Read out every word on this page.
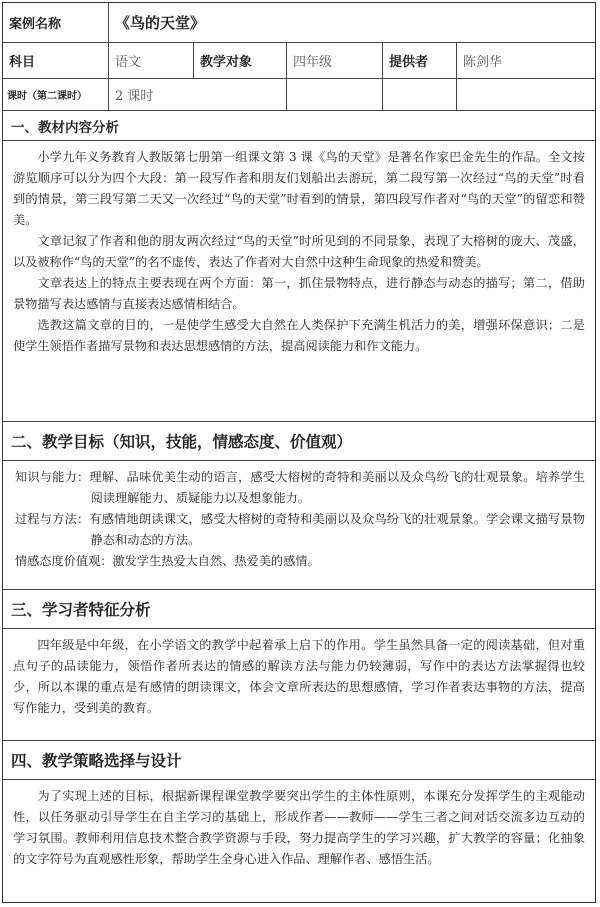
案例名称	《鸟的天堂》
科目	语文	教学对象	四年级	提供者	陈剑华
课时（第二课时）	2 课时
一、教材内容分析

小学九年义务教育人教版第七册第一组课文第 3 课《鸟的天堂》是著名作家巴金先生的作品。全文按游览顺序可以分为四个大段：第一段写作者和朋友们划船出去游玩，第二段写第一次经过“鸟的天堂”时看到的情景，第三段写第二天又一次经过“鸟的天堂”时看到的情景，第四段写作者对“鸟的天堂”的留恋和赞美。

文章记叙了作者和他的朋友两次经过“鸟的天堂”时所见到的不同景象，表现了大榕树的庞大、茂盛，以及被称作“鸟的天堂”的名不虚传，表达了作者对大自然中这种生命现象的热爱和赞美。

文章表达上的特点主要表现在两个方面：第一，抓住景物特点，进行静态与动态的描写；第二，借助景物描写表达感情与直接表达感情相结合。

选教这篇文章的目的，一是使学生感受大自然在人类保护下充满生机活力的美，增强环保意识；二是使学生领悟作者描写景物和表达思想感情的方法，提高阅读能力和作文能力。

二、教学目标（知识，技能，情感态度、价值观）

知识与能力：理解、品味优美生动的语言，感受大榕树的奇特和美丽以及众鸟纷飞的壮观景象。培养学生阅读理解能力、质疑能力以及想象能力。

过程与方法：有感情地朗读课文，感受大榕树的奇特和美丽以及众鸟纷飞的壮观景象。学会课文描写景物静态和动态的方法。

情感态度价值观：激发学生热爱大自然、热爱美的感情。

三、学习者特征分析

四年级是中年级，在小学语文的教学中起着承上启下的作用。学生虽然具备一定的阅读基础，但对重点句子的品读能力，领悟作者所表达的情感的解读方法与能力仍较薄弱，写作中的表达方法掌握得也较少，所以本课的重点是有感情的朗读课文，体会文章所表达的思想感情，学习作者表达事物的方法，提高写作能力，受到美的教育。

四、教学策略选择与设计

为了实现上述的目标，根据新课程课堂教学要突出学生的主体性原则，本课充分发挥学生的主观能动性，以任务驱动引导学生在自主学习的基础上，形成作者——教师——学生三者之间对话交流多边互动的学习氛围。教师利用信息技术整合教学资源与手段，努力提高学生的学习兴趣，扩大教学的容量；化抽象的文字符号为直观感性形象，帮助学生全身心进入作品、理解作者、感悟生活。
